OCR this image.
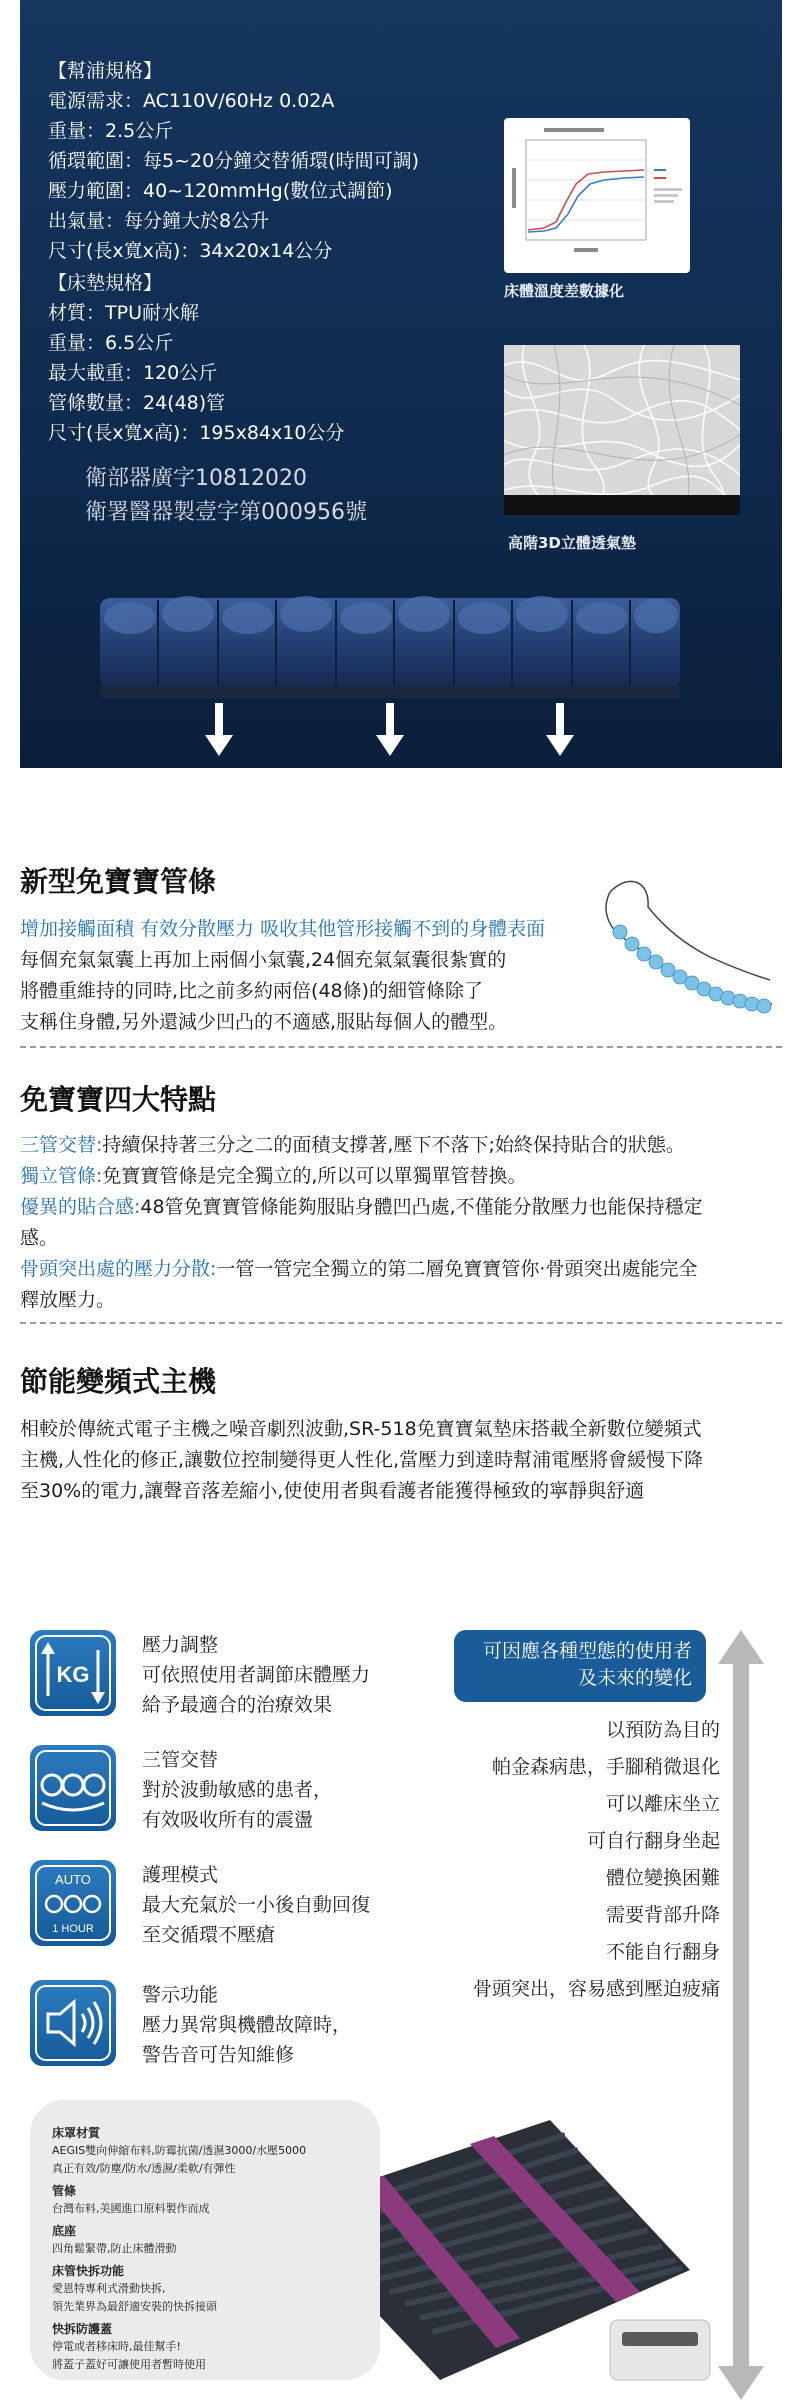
【幫浦規格】
電源需求：AC110V/60Hz 0.02A
重量：2.5公斤
循環範圍：每5~20分鐘交替循環(時間可調)
壓力範圍：40~120mmHg(數位式調節)
出氣量：每分鐘大於8公升
尺寸(長x寬x高)：34x20x14公分
【床墊規格】
材質：TPU耐水解
重量：6.5公斤
最大載重：120公斤
管條數量：24(48)管
尺寸(長x寬x高)：195x84x10公分
衛部器廣字10812020
衛署醫器製壹字第000956號
床體溫度差數據化
高階3D立體透氣墊
新型免寶寶管條
增加接觸面積 有效分散壓力 吸收其他管形接觸不到的身體表面
每個充氣氣囊上再加上兩個小氣囊,24個充氣氣囊很紮實的
將體重維持的同時,比之前多約兩倍(48條)的細管條除了
支稱住身體,另外還減少凹凸的不適感,服貼每個人的體型。
免寶寶四大特點
三管交替:持續保持著三分之二的面積支撐著,壓下不落下;始終保持貼合的狀態。
獨立管條:免寶寶管條是完全獨立的,所以可以單獨單管替換。
優異的貼合感:48管免寶寶管條能夠服貼身體凹凸處,不僅能分散壓力也能保持穩定
感。
骨頭突出處的壓力分散:一管一管完全獨立的第二層免寶寶管你‧骨頭突出處能完全
釋放壓力。
節能變頻式主機
相較於傳統式電子主機之噪音劇烈波動,SR-518免寶寶氣墊床搭載全新數位變頻式
主機,人性化的修正,讓數位控制變得更人性化,當壓力到達時幫浦電壓將會緩慢下降
至30%的電力,讓聲音落差縮小,使使用者與看護者能獲得極致的寧靜與舒適
KG
壓力調整
可依照使用者調節床體壓力
給予最適合的治療效果
三管交替
對於波動敏感的患者，
有效吸收所有的震盪
AUTO
1 HOUR
護理模式
最大充氣於一小後自動回復
至交循環不壓瘡
警示功能
壓力異常與機體故障時，
警告音可告知維修
可因應各種型態的使用者
及未來的變化
以預防為目的
帕金森病患，手腳稍微退化
可以離床坐立
可自行翻身坐起
體位變換困難
需要背部升降
不能自行翻身
骨頭突出，容易感到壓迫疲痛
床罩材質
AEGIS雙向伸縮布料,防霉抗菌/透濕3000/水壓5000
真正有效/防塵/防水/透濕/柔軟/有彈性
管條
台灣布料,美國進口原料製作而成
底座
四角鬆緊帶,防止床體滑動
床管快拆功能
愛恩特專利式滑動快拆,
領先業界為最舒適安裝的快拆接頭
快拆防護蓋
停電或者移床時,最佳幫手!
將蓋子蓋好可讓使用者暫時使用
